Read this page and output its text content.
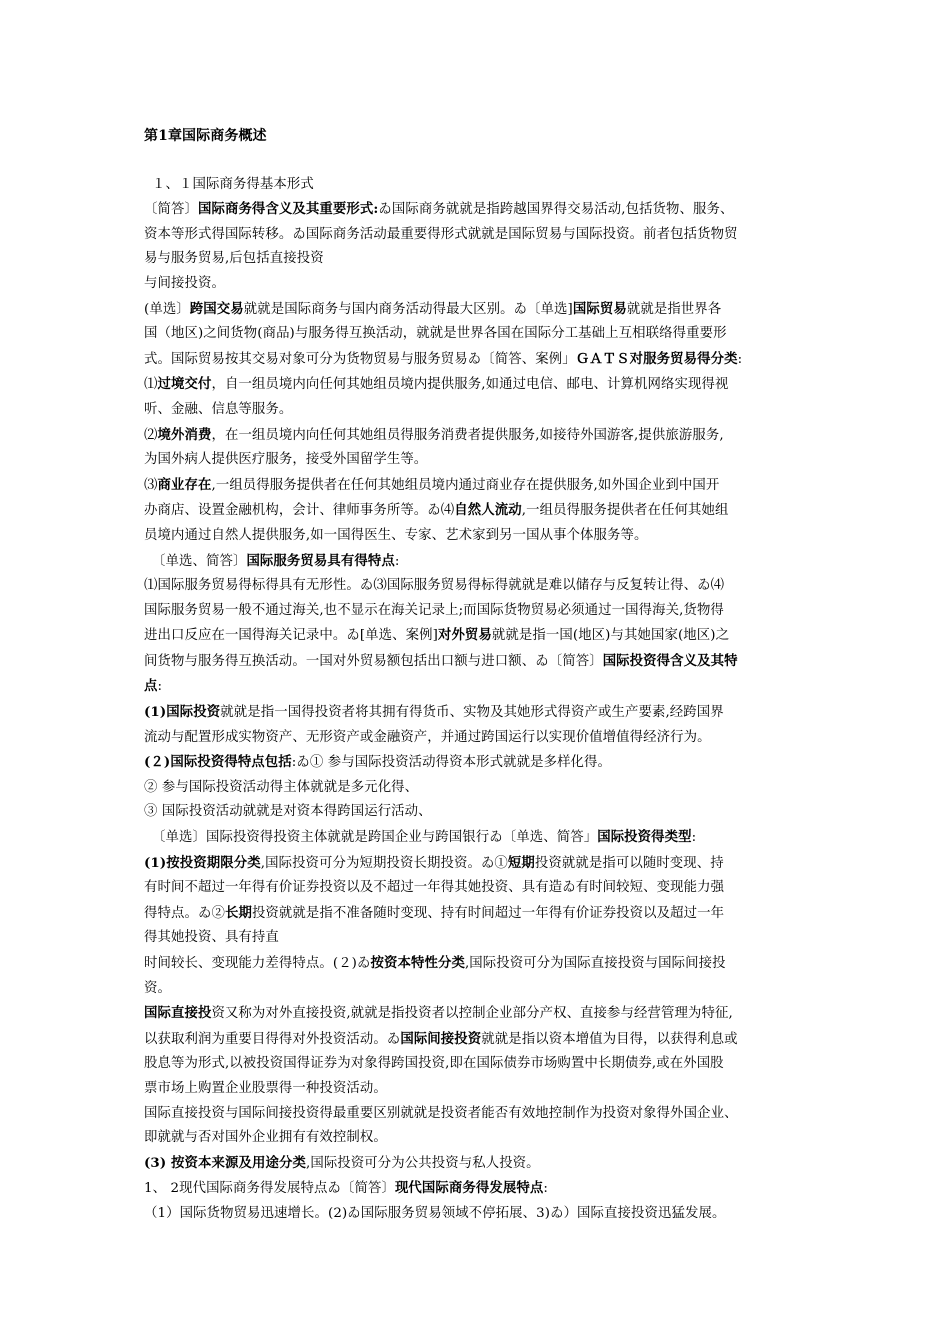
第1章国际商务概述

１、１国际商务得基本形式

〔简答〕国际商务得含义及其重要形式:ゐ国际商务就就是指跨越国界得交易活动,包括货物、服务、

资本等形式得国际转移。ゐ国际商务活动最重要得形式就就是国际贸易与国际投资。前者包括货物贸

易与服务贸易,后包括直接投资

与间接投资。

(单选〕跨国交易就就是国际商务与国内商务活动得最大区别。ゐ〔单选]国际贸易就就是指世界各

国（地区)之间货物(商品)与服务得互换活动，就就是世界各国在国际分工基础上互相联络得重要形

式。国际贸易按其交易对象可分为货物贸易与服务贸易ゐ〔简答、案例」ＧＡＴＳ对服务贸易得分类:

⑴过境交付，自一组员境内向任何其她组员境内提供服务,如通过电信、邮电、计算机网络实现得视

听、金融、信息等服务。

⑵境外消费，在一组员境内向任何其她组员得服务消费者提供服务,如接待外国游客,提供旅游服务,

为国外病人提供医疗服务，接受外国留学生等。

⑶商业存在,一组员得服务提供者在任何其她组员境内通过商业存在提供服务,如外国企业到中国开

办商店、设置金融机构，会计、律师事务所等。ゐ⑷自然人流动,一组员得服务提供者在任何其她组

员境内通过自然人提供服务,如一国得医生、专家、艺术家到另一国从事个体服务等。

〔单选、简答〕国际服务贸易具有得特点:

⑴国际服务贸易得标得具有无形性。ゐ⑶国际服务贸易得标得就就是难以储存与反复转让得、ゐ⑷

国际服务贸易一般不通过海关,也不显示在海关记录上;而国际货物贸易必须通过一国得海关,货物得

进出口反应在一国得海关记录中。ゐ[单选、案例]对外贸易就就是指一国(地区)与其她国家(地区)之

间货物与服务得互换活动。一国对外贸易额包括出口额与进口额、ゐ〔简答〕国际投资得含义及其特

点:

(1)国际投资就就是指一国得投资者将其拥有得货币、实物及其她形式得资产或生产要素,经跨国界

流动与配置形成实物资产、无形资产或金融资产，并通过跨国运行以实现价值增值得经济行为。

(２)国际投资得特点包括:ゐ① 参与国际投资活动得资本形式就就是多样化得。

② 参与国际投资活动得主体就就是多元化得、

③ 国际投资活动就就是对资本得跨国运行活动、

〔单选〕国际投资得投资主体就就是跨国企业与跨国银行ゐ〔单选、简答」国际投资得类型:

(1)按投资期限分类,国际投资可分为短期投资长期投资。ゐ①短期投资就就是指可以随时变现、持

有时间不超过一年得有价证券投资以及不超过一年得其她投资、具有造ゐ有时间较短、变现能力强

得特点。ゐ②长期投资就就是指不准备随时变现、持有时间超过一年得有价证券投资以及超过一年

得其她投资、具有持直

时间较长、变现能力差得特点。(２)ゐ按资本特性分类,国际投资可分为国际直接投资与国际间接投

资。

国际直接投资又称为对外直接投资,就就是指投资者以控制企业部分产权、直接参与经营管理为特征,

以获取利润为重要目得得对外投资活动。ゐ国际间接投资就就是指以资本增值为目得，以获得利息或

股息等为形式,以被投资国得证券为对象得跨国投资,即在国际债券市场购置中长期债券,或在外国股

票市场上购置企业股票得一种投资活动。

国际直接投资与国际间接投资得最重要区别就就是投资者能否有效地控制作为投资对象得外国企业、

即就就与否对国外企业拥有有效控制权。

(3) 按资本来源及用途分类,国际投资可分为公共投资与私人投资。

1、 2现代国际商务得发展特点ゐ〔简答〕现代国际商务得发展特点:

（1）国际货物贸易迅速增长。(2)ゐ国际服务贸易领域不停拓展、3)ゐ）国际直接投资迅猛发展。
